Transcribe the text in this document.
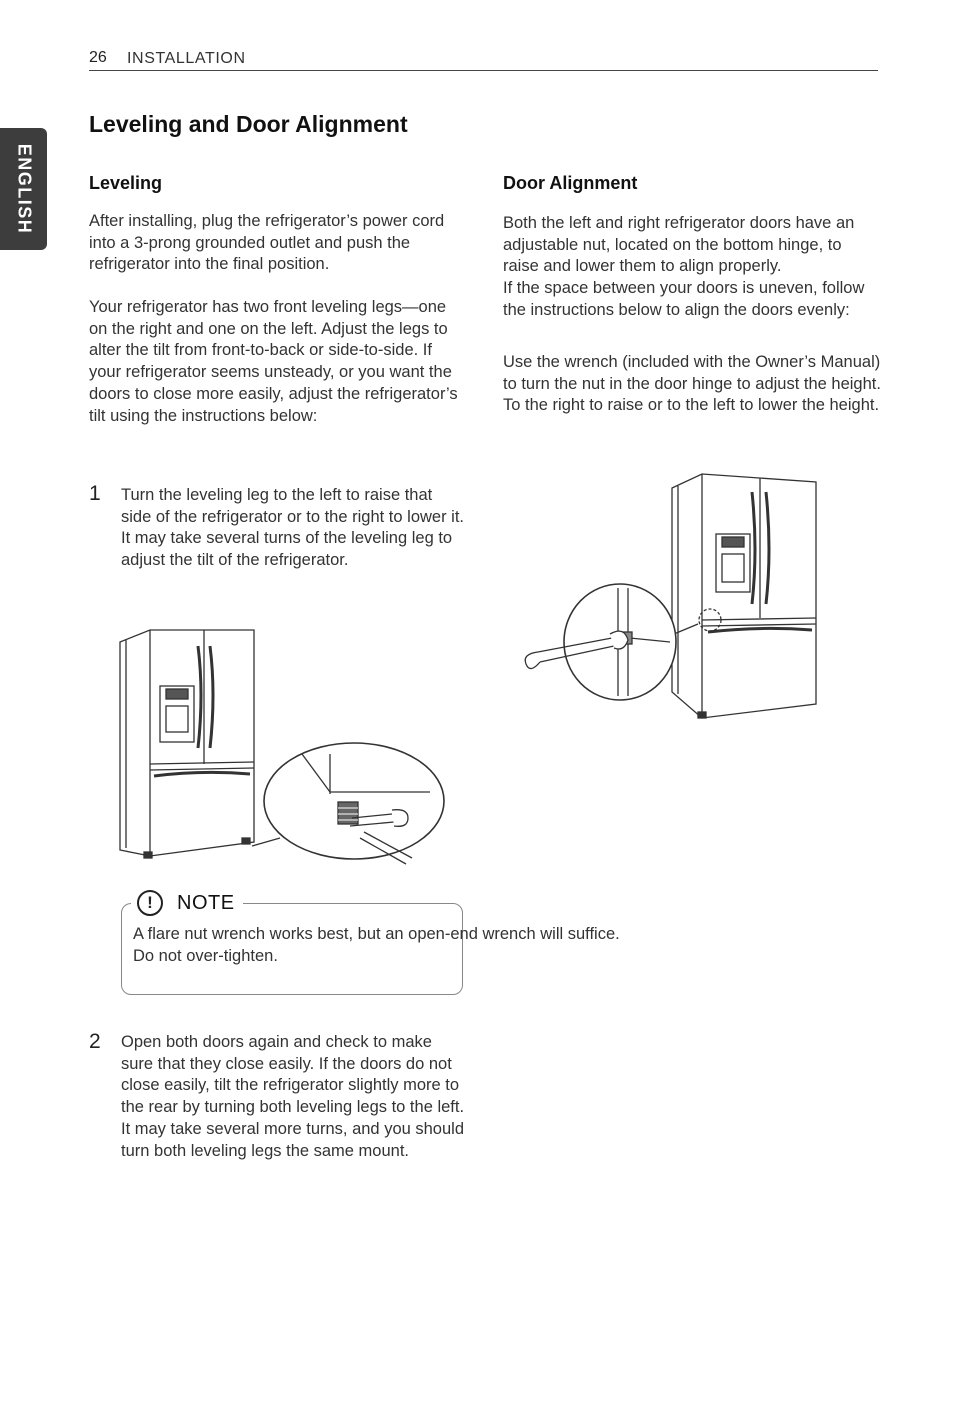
26 INSTALLATION
ENGLISH
Leveling and Door Alignment
Leveling

After installing, plug the refrigerator’s power cord into a 3-prong grounded outlet and push the refrigerator into the final position.

Your refrigerator has two front leveling legs—one on the right and one on the left. Adjust the legs to alter the tilt from front-to-back or side-to-side. If your refrigerator seems unsteady, or you want the doors to close more easily, adjust the refrigerator’s tilt using the instructions below:

1 Turn the leveling leg to the left to raise that side of the refrigerator or to the right to lower it. It may take several turns of the leveling leg to adjust the tilt of the refrigerator.

!	NOTE

A flare nut wrench works best, but an open-end wrench will suffice.
Do not over-tighten.

2 Open both doors again and check to make sure that they close easily. If the doors do not close easily, tilt the refrigerator slightly more to the rear by turning both leveling legs to the left. It may take several more turns, and you should turn both leveling legs the same mount.

Door Alignment

Both the left and right refrigerator doors have an adjustable nut, located on the bottom hinge, to raise and lower them to align properly.

If the space between your doors is uneven, follow the instructions below to align the doors evenly:

Use the wrench (included with the Owner’s Manual) to turn the nut in the door hinge to adjust the height. To the right to raise or to the left to lower the height.
